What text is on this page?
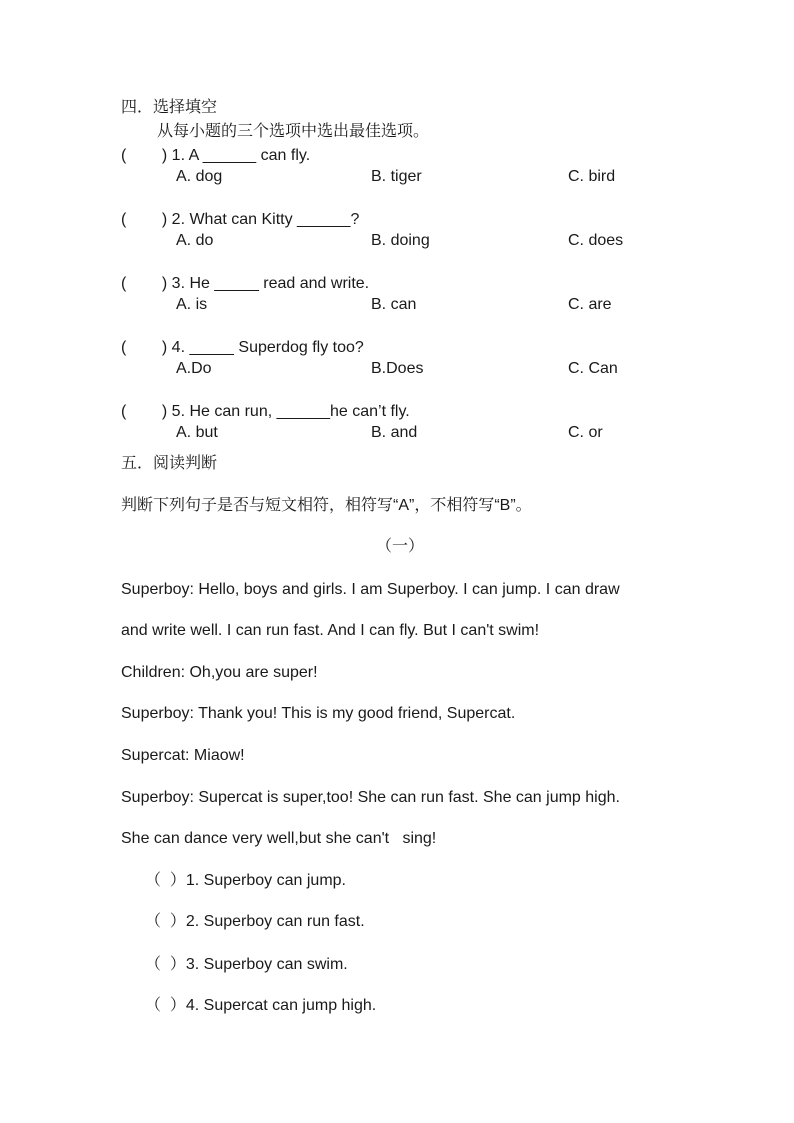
四．选择填空
从每小题的三个选项中选出最佳选项。
(        ) 1. A ______ can fly.
A. dog	B. tiger	C. bird
(        ) 2. What can Kitty ______?
A. do	B. doing	C. does
(        ) 3. He _____ read and write.
A. is	B. can	C. are
(        ) 4. _____ Superdog fly too?
A.Do	B.Does	C. Can
(        ) 5. He can run, ______he can’t fly.
A. but	B. and	C. or
五．阅读判断
判断下列句子是否与短文相符，相符写“A”，不相符写“B”。
（一）
Superboy: Hello, boys and girls. I am Superboy. I can jump. I can draw
and write well. I can run fast. And I can fly. But I can't swim!
Children: Oh,you are super!
Superboy: Thank you! This is my good friend, Supercat.
Supercat: Miaow!
Superboy: Supercat is super,too! She can run fast. She can jump high.
She can dance very well,but she can't   sing!
（  ）1. Superboy can jump.
（  ）2. Superboy can run fast.
（  ）3. Superboy can swim.
（  ）4. Supercat can jump high.
